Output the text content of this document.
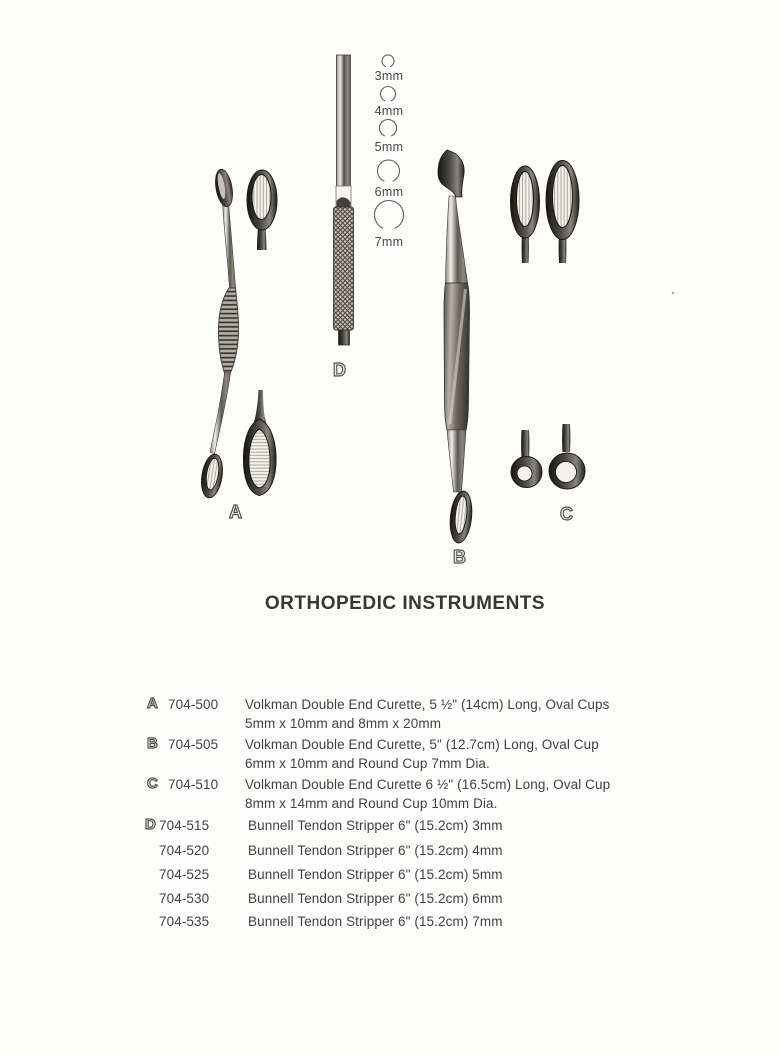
3mm
4mm
5mm
6mm
7mm
A
B
C
D
ORTHOPEDIC INSTRUMENTS
A 704-500 Volkman Double End Curette, 5 ½" (14cm) Long, Oval Cups
5mm x 10mm and 8mm x 20mm
B 704-505 Volkman Double End Curette, 5" (12.7cm) Long, Oval Cup
6mm x 10mm and Round Cup 7mm Dia.
C 704-510 Volkman Double End Curette 6 ½" (16.5cm) Long, Oval Cup
8mm x 14mm and Round Cup 10mm Dia.
D 704-515	Bunnell Tendon Stripper 6" (15.2cm) 3mm
704-520	Bunnell Tendon Stripper 6" (15.2cm) 4mm
704-525	Bunnell Tendon Stripper 6" (15.2cm) 5mm
704-530	Bunnell Tendon Stripper 6" (15.2cm) 6mm
704-535	Bunnell Tendon Stripper 6" (15.2cm) 7mm
